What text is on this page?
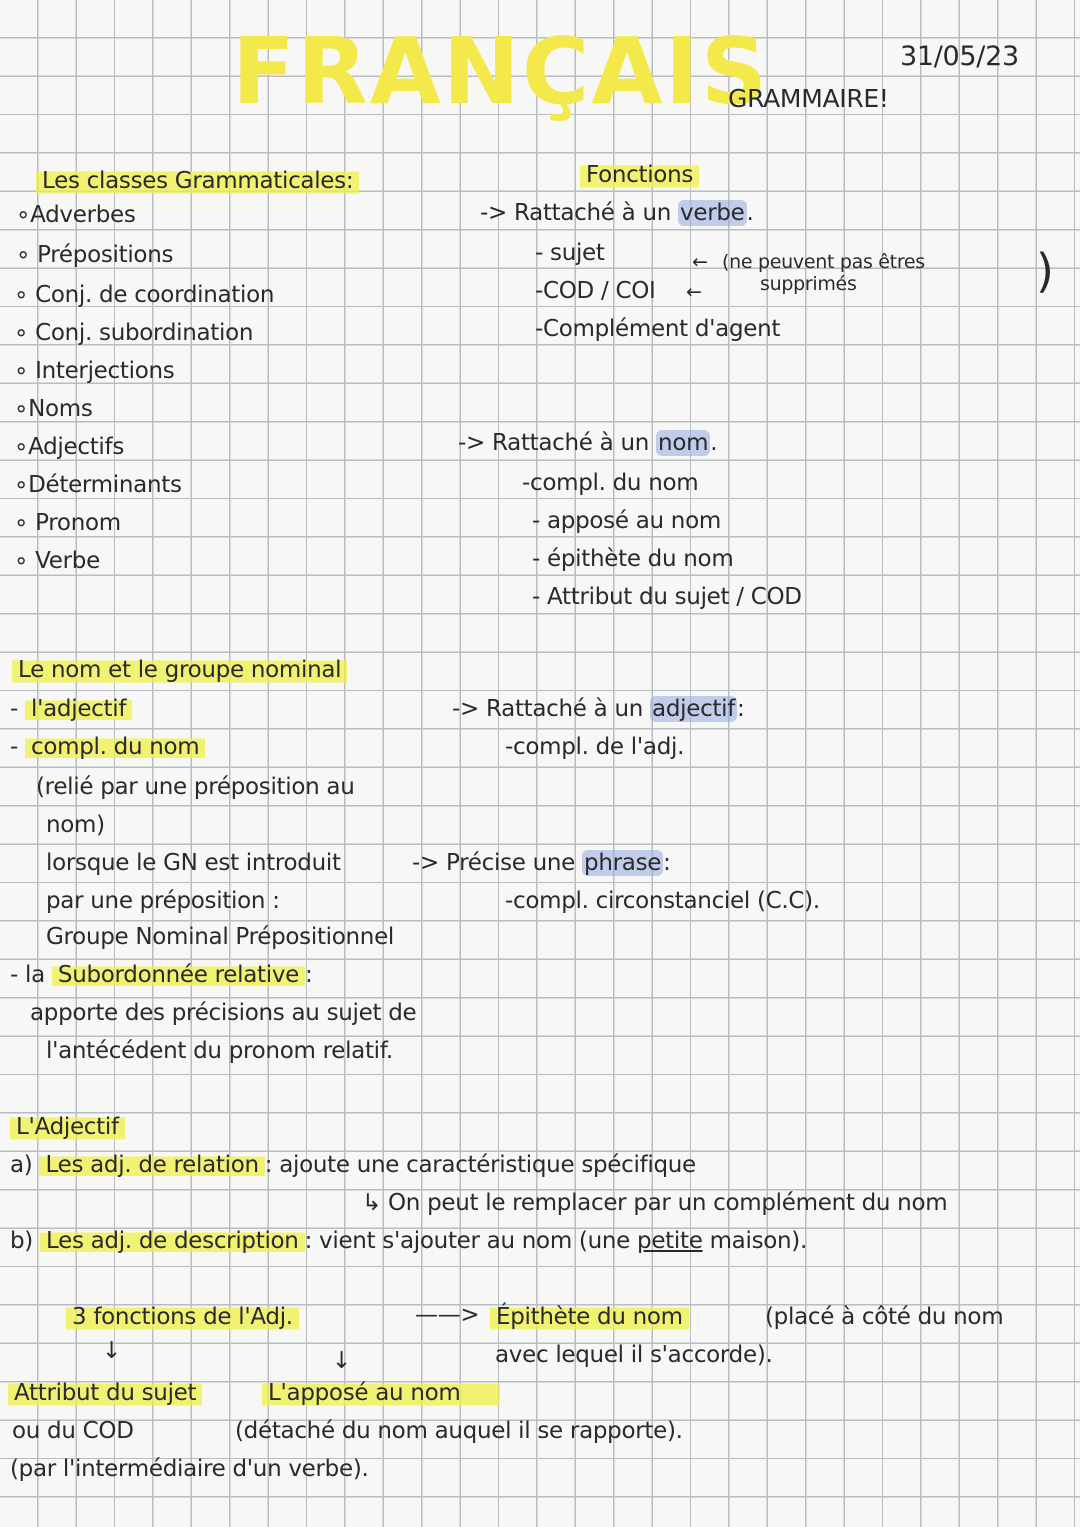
FRANÇAIS	31/05/23
GRAMMAIRE!
Les classes Grammaticales:
∘Adverbes
∘ Prépositions
∘ Conj. de coordination
∘ Conj. subordination
∘ Interjections
∘Noms
∘Adjectifs
∘Déterminants
∘ Pronom
∘ Verbe
Fonctions
-> Rattaché à un verbe.
- sujet
-COD / COI
-Complément d'agent
←
←
(ne peuvent pas êtres
supprimés	)
-> Rattaché à un nom.
-compl. du nom
- apposé au nom
- épithète du nom
- Attribut du sujet / COD
Le nom et le groupe nominal
- l'adjectif
- compl. du nom
(relié par une préposition au
nom)
lorsque le GN est introduit
par une préposition :
Groupe Nominal Prépositionnel
- la Subordonnée relative :
apporte des précisions au sujet de
l'antécédent du pronom relatif.
-> Rattaché à un adjectif:
-compl. de l'adj.
-> Précise une phrase:
-compl. circonstanciel (C.C).
L'Adjectif
a) Les adj. de relation : ajoute une caractéristique spécifique
↳ On peut le remplacer par un complément du nom
b) Les adj. de description : vient s'ajouter au nom (une petite maison).
3 fonctions de l'Adj.	——> Épithète du nom	(placé à côté du nom
avec lequel il s'accorde).
↓	↓
Attribut du sujet	L'apposé au nom
ou du COD	(détaché du nom auquel il se rapporte).
(par l'intermédiaire d'un verbe).
